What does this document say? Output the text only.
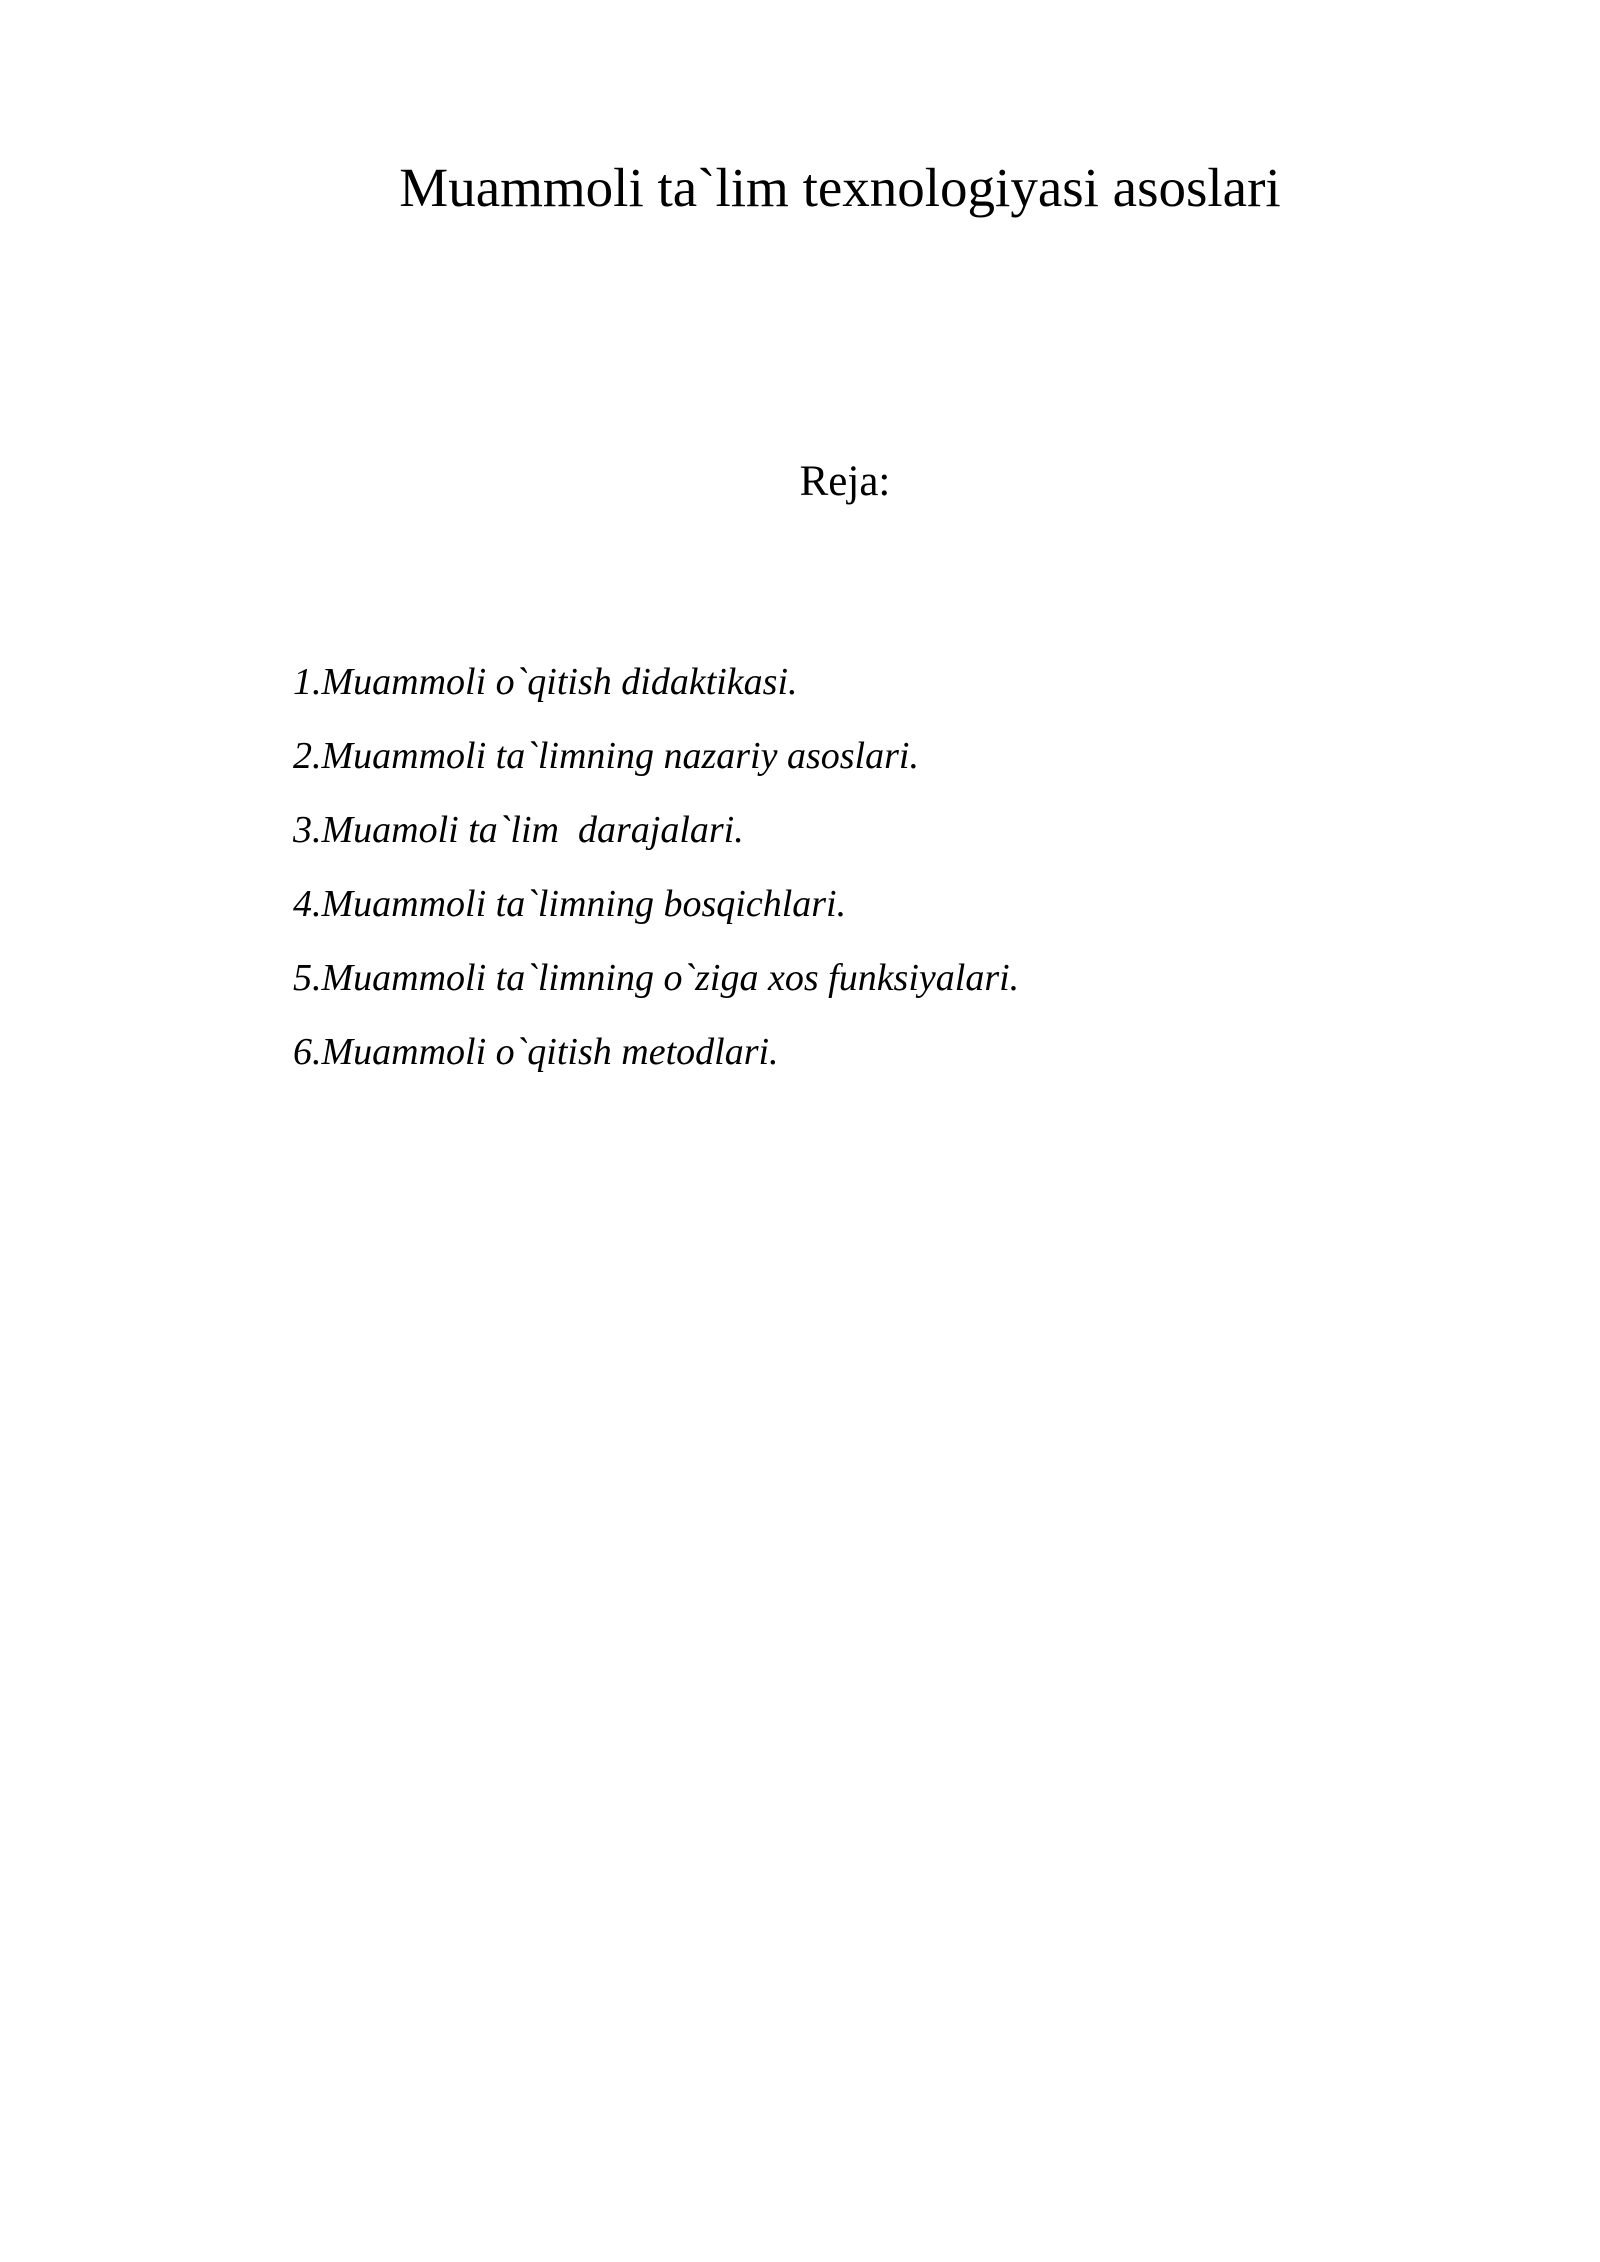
Muammoli ta`lim texnologiyasi asoslari
Reja:
1.Muammoli o`qitish didaktikasi.
2.Muammoli ta`limning nazariy asoslari.
3.Muamoli ta`lim  darajalari.
4.Muammoli ta`limning bosqichlari.
5.Muammoli ta`limning o`ziga xos funksiyalari.
6.Muammoli o`qitish metodlari.
